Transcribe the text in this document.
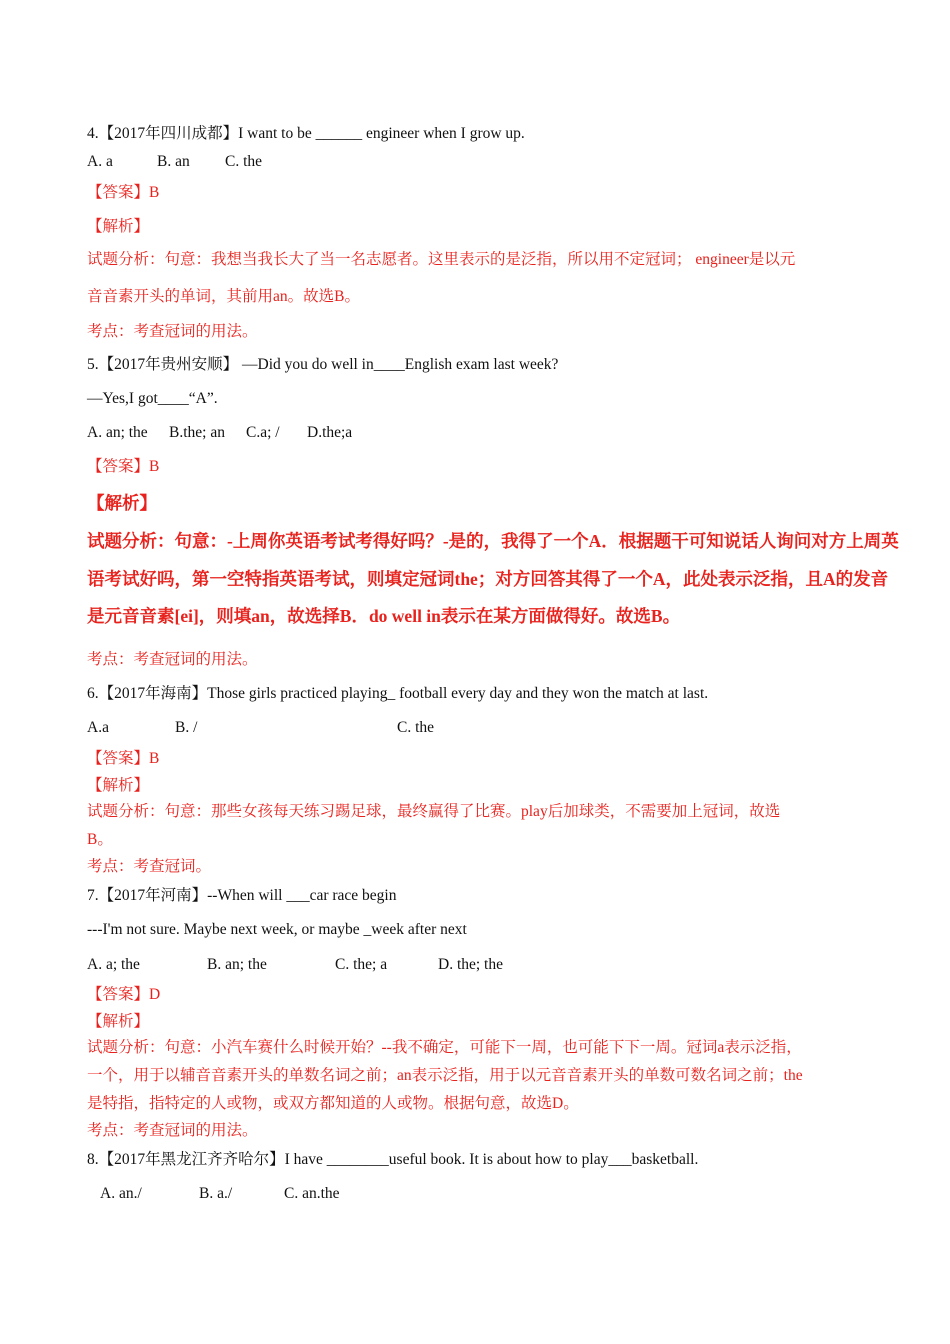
4.【2017年四川成都】I want to be ______ engineer when I grow up.
A. a	B. an C. the
【答案】B
【解析】
试题分析：句意：我想当我长大了当一名志愿者。这里表示的是泛指，所以用不定冠词； engineer是以元
音音素开头的单词，其前用an。故选B。
考点：考查冠词的用法。
5.【2017年贵州安顺】 —Did you do well in____English exam last week?
—Yes,I got____“A”.
A. an; the B.the; an C.a; / D.the;a
【答案】B
【解析】
试题分析：句意：-上周你英语考试考得好吗？-是的，我得了一个A．根据题干可知说话人询问对方上周英
语考试好吗，第一空特指英语考试，则填定冠词the；对方回答其得了一个A，此处表示泛指，且A的发音
是元音音素[ei]，则填an，故选择B．do well in表示在某方面做得好。故选B。
考点：考查冠词的用法。
6.【2017年海南】Those girls practiced playing_ football every day and they won the match at last.
A.a	B. /	C. the
【答案】B
【解析】
试题分析：句意：那些女孩每天练习踢足球，最终赢得了比赛。play后加球类，不需要加上冠词，故选
B。
考点：考查冠词。
7.【2017年河南】--When will ___car race begin
---I'm not sure. Maybe next week, or maybe _week after next
A. a; the	B. an; the	C. the; a	D. the; the
【答案】D
【解析】
试题分析：句意：小汽车赛什么时候开始？--我不确定，可能下一周，也可能下下一周。冠词a表示泛指，
一个，用于以辅音音素开头的单数名词之前；an表示泛指，用于以元音音素开头的单数可数名词之前；the
是特指，指特定的人或物，或双方都知道的人或物。根据句意，故选D。
考点：考查冠词的用法。
8.【2017年黑龙江齐齐哈尔】I have ________useful book. It is about how to play___basketball.
A. an./	B. a./	C. an.the
